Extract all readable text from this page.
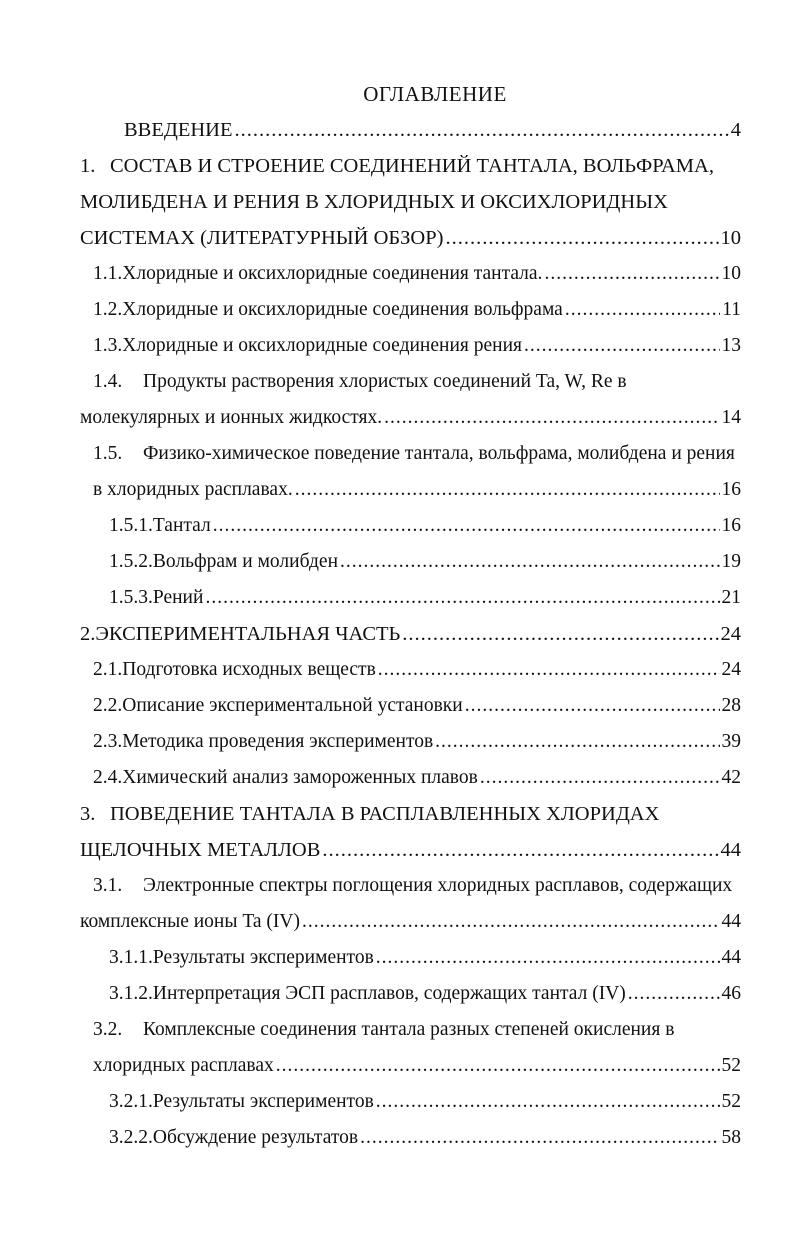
ОГЛАВЛЕНИЕ
ВВЕДЕНИЕ .....	4
1. СОСТАВ И СТРОЕНИЕ СОЕДИНЕНИЙ ТАНТАЛА, ВОЛЬФРАМА,
МОЛИБДЕНА И РЕНИЯ В ХЛОРИДНЫХ И ОКСИХЛОРИДНЫХ
СИСТЕМАХ (ЛИТЕРАТУРНЫЙ ОБЗОР) .....	10
1.1. Хлоридные и оксихлоридные соединения тантала. .....	10
1.2. Хлоридные и оксихлоридные соединения вольфрама .....	11
1.3. Хлоридные и оксихлоридные соединения рения .....	13
1.4. Продукты растворения хлористых соединений Ta, W, Re в
молекулярных и ионных жидкостях. .....	14
1.5. Физико-химическое поведение тантала, вольфрама, молибдена и рения
в хлоридных расплавах. .....	16
1.5.1. Тантал .....	16
1.5.2. Вольфрам и молибден .....	19
1.5.3. Рений .....	21
2. ЭКСПЕРИМЕНТАЛЬНАЯ ЧАСТЬ .....	24
2.1. Подготовка исходных веществ .....	24
2.2. Описание экспериментальной установки .....	28
2.3. Методика проведения экспериментов .....	39
2.4. Химический анализ замороженных плавов .....	42
3. ПОВЕДЕНИЕ ТАНТАЛА В РАСПЛАВЛЕННЫХ ХЛОРИДАХ
ЩЕЛОЧНЫХ МЕТАЛЛОВ .....	44
3.1. Электронные спектры поглощения хлоридных расплавов, содержащих
комплексные ионы Ta (IV) .....	44
3.1.1. Результаты экспериментов .....	44
3.1.2. Интерпретация ЭСП расплавов, содержащих тантал (IV) .....	46
3.2. Комплексные соединения тантала разных степеней окисления в
хлоридных расплавах .....	52
3.2.1. Результаты экспериментов .....	52
3.2.2. Обсуждение результатов .....	58
